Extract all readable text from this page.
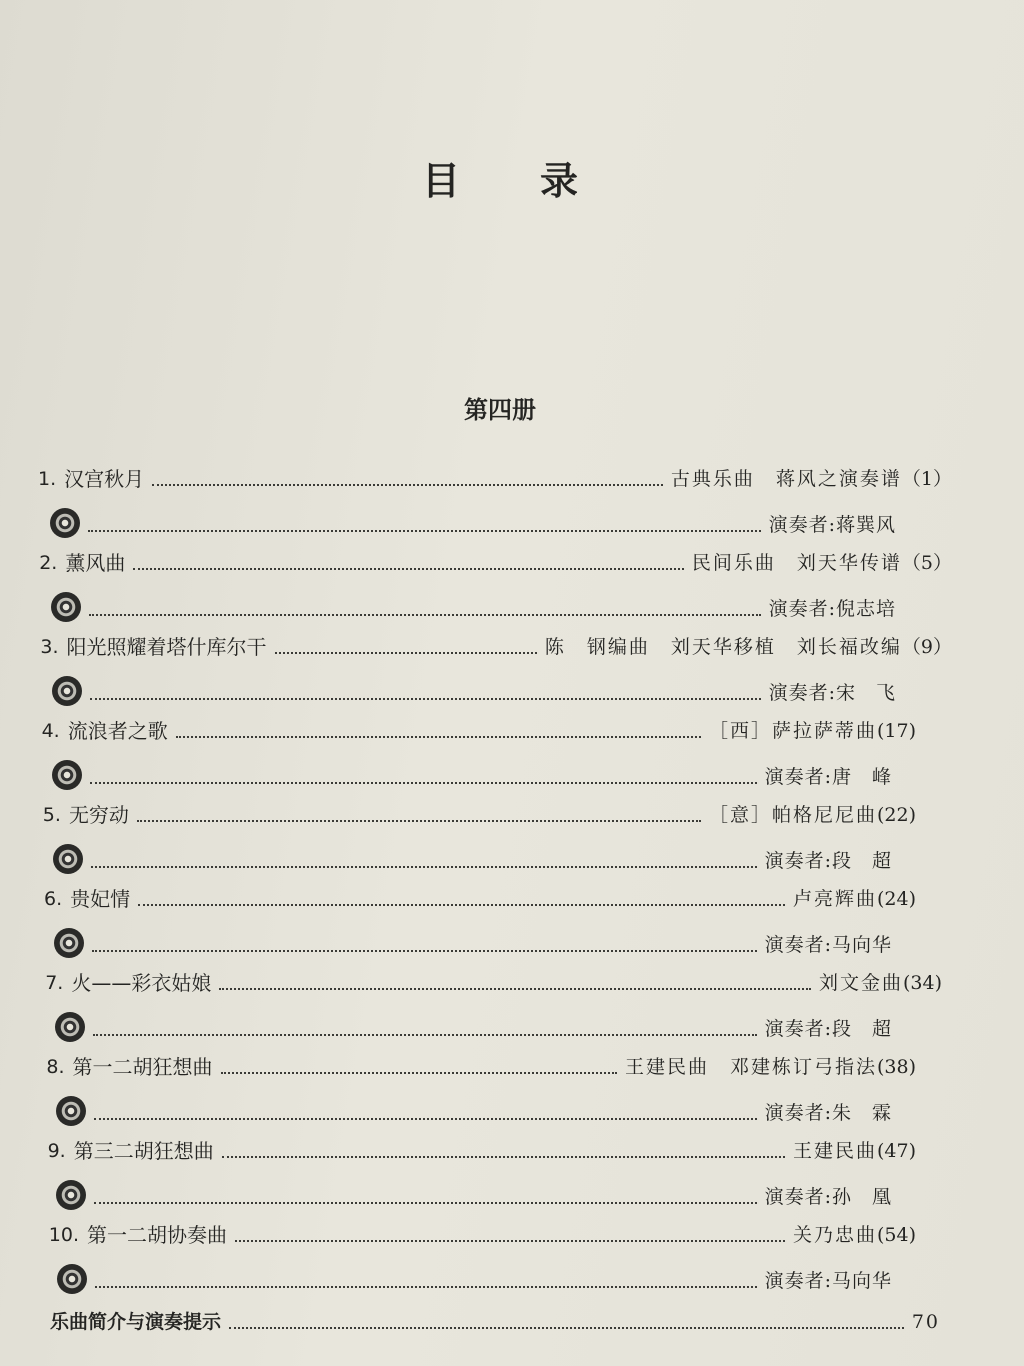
目 录
第四册
1. 汉宫秋月	古典乐曲　蒋风之演奏谱（1）
演奏者:蒋巽风
2. 薰风曲	民间乐曲　刘天华传谱（5）
演奏者:倪志培
3. 阳光照耀着塔什库尔干	陈　钢编曲　刘天华移植　刘长福改编（9）
演奏者:宋　飞
4. 流浪者之歌	［西］萨拉萨蒂曲(17)
演奏者:唐　峰
5. 无穷动	［意］帕格尼尼曲(22)
演奏者:段　超
6. 贵妃情	卢亮辉曲(24)
演奏者:马向华
7. 火——彩衣姑娘	刘文金曲(34)
演奏者:段　超
8. 第一二胡狂想曲	王建民曲　邓建栋订弓指法(38)
演奏者:朱　霖
9. 第三二胡狂想曲	王建民曲(47)
演奏者:孙　凰
10. 第一二胡协奏曲	关乃忠曲(54)
演奏者:马向华
乐曲简介与演奏提示	70
